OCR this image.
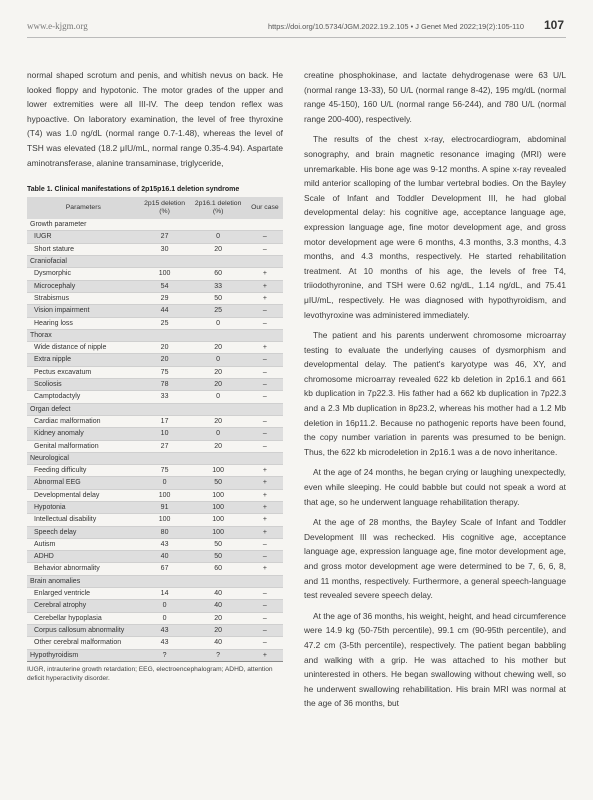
www.e-kjgm.org	https://doi.org/10.5734/JGM.2022.19.2.105 • J Genet Med 2022;19(2):105-110 107

normal shaped scrotum and penis, and whitish nevus on back. He looked floppy and hypotonic. The motor grades of the upper and lower extremities were all III-IV. The deep tendon reflex was hypoactive. On laboratory examination, the level of free thyroxine (T4) was 1.0 ng/dL (normal range 0.7-1.48), whereas the level of TSH was elevated (18.2 μIU/mL, normal range 0.35-4.94). Aspartate aminotransferase, alanine transaminase, triglyceride,

Table 1. Clinical manifestations of 2p15p16.1 deletion syndrome
Parameters	2p15 deletion (%)	2p16.1 deletion (%)	Our case
Growth parameter			
IUGR	27	0	–
Short stature	30	20	–
Craniofacial			
Dysmorphic	100	60	+
Microcephaly	54	33	+
Strabismus	29	50	+
Vision impairment	44	25	–
Hearing loss	25	0	–
Thorax			
Wide distance of nipple	20	20	+
Extra nipple	20	0	–
Pectus excavatum	75	20	–
Scoliosis	78	20	–
Camptodactyly	33	0	–
Organ defect			
Cardiac malformation	17	20	–
Kidney anomaly	10	0	–
Genital malformation	27	20	–
Neurological			
Feeding difficulty	75	100	+
Abnormal EEG	0	50	+
Developmental delay	100	100	+
Hypotonia	91	100	+
Intellectual disability	100	100	+
Speech delay	80	100	+
Autism	43	50	–
ADHD	40	50	–
Behavior abnormality	67	60	+
Brain anomalies			
Enlarged ventricle	14	40	–
Cerebral atrophy	0	40	–
Cerebellar hypoplasia	0	20	–
Corpus callosum abnormality	43	20	–
Other cerebral malformation	43	40	–
Hypothyroidism	?	?	+
IUGR, intrauterine growth retardation; EEG, electroencephalogram; ADHD, attention deficit hyperactivity disorder.

creatine phosphokinase, and lactate dehydrogenase were 63 U/L (normal range 13-33), 50 U/L (normal range 8-42), 195 mg/dL (normal range 45-150), 160 U/L (normal range 56-244), and 780 U/L (normal range 200-400), respectively.

The results of the chest x-ray, electrocardiogram, abdominal sonography, and brain magnetic resonance imaging (MRI) were unremarkable. His bone age was 9-12 months. A spine x-ray revealed mild anterior scalloping of the lumbar vertebral bodies. On the Bayley Scale of Infant and Toddler Development III, he had global developmental delay: his cognitive age, acceptance language age, expression language age, fine motor development age, and gross motor development age were 6 months, 4.3 months, 3.3 months, 4.3 months, and 4.3 months, respectively. He started rehabilitation treatment. At 10 months of his age, the levels of free T4, triiodothyronine, and TSH were 0.62 ng/dL, 1.14 ng/dL, and 75.41 μIU/mL, respectively. He was diagnosed with hypothyroidism, and levothyroxine was administered immediately.

The patient and his parents underwent chromosome microarray testing to evaluate the underlying causes of dysmorphism and developmental delay. The patient's karyotype was 46, XY, and chromosome microarray revealed 622 kb deletion in 2p16.1 and 661 kb duplication in 7p22.3. His father had a 662 kb duplication in 7p22.3 and a 2.3 Mb duplication in 8p23.2, whereas his mother had a 1.2 Mb deletion in 16p11.2. Because no pathogenic reports have been found, the copy number variation in parents was presumed to be benign. Thus, the 622 kb microdeletion in 2p16.1 was a de novo inheritance.

At the age of 24 months, he began crying or laughing unexpectedly, even while sleeping. He could babble but could not speak a word at that age, so he underwent language rehabilitation therapy.

At the age of 28 months, the Bayley Scale of Infant and Toddler Development III was rechecked. His cognitive age, acceptance language age, expression language age, fine motor development age, and gross motor development age were determined to be 7, 6, 6, 8, and 11 months, respectively. Furthermore, a general speech-language test revealed severe speech delay.

At the age of 36 months, his weight, height, and head circumference were 14.9 kg (50-75th percentile), 99.1 cm (90-95th percentile), and 47.2 cm (3-5th percentile), respectively. The patient began babbling and walking with a grip. He was attached to his mother but uninterested in others. He began swallowing without chewing well, so he underwent swallowing rehabilitation. His brain MRI was normal at the age of 36 months, but
